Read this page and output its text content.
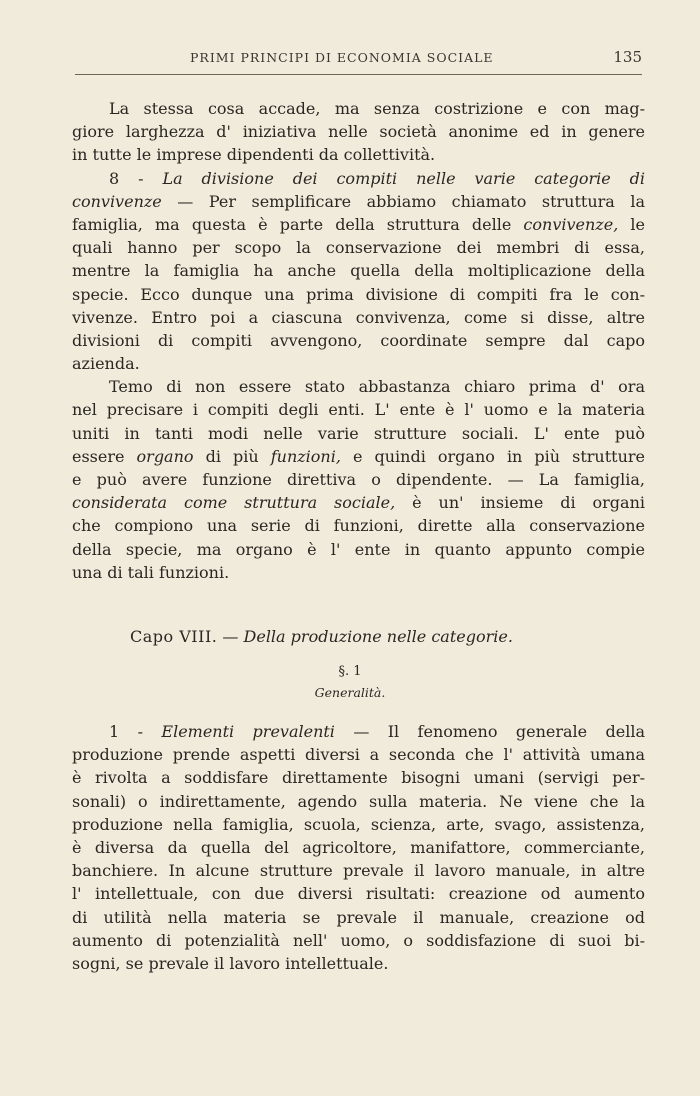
PRIMI PRINCIPI DI ECONOMIA SOCIALE	135
La stessa cosa accade, ma senza costrizione e con mag-
giore larghezza d' iniziativa nelle società anonime ed in genere
in tutte le imprese dipendenti da collettività.
8 - La divisione dei compiti nelle varie categorie di
convivenze — Per semplificare abbiamo chiamato struttura la
famiglia, ma questa è parte della struttura delle convivenze, le
quali hanno per scopo la conservazione dei membri di essa,
mentre la famiglia ha anche quella della moltiplicazione della
specie. Ecco dunque una prima divisione di compiti fra le con-
vivenze. Entro poi a ciascuna convivenza, come si disse, altre
divisioni di compiti avvengono, coordinate sempre dal capo
azienda.
Temo di non essere stato abbastanza chiaro prima d' ora
nel precisare i compiti degli enti. L' ente è l' uomo e la materia
uniti in tanti modi nelle varie strutture sociali. L' ente può
essere organo di più funzioni, e quindi organo in più strutture
e può avere funzione direttiva o dipendente. — La famiglia,
considerata come struttura sociale, è un' insieme di organi
che compiono una serie di funzioni, dirette alla conservazione
della specie, ma organo è l' ente in quanto appunto compie
una di tali funzioni.
Capo VIII. — Della produzione nelle categorie.
§. 1
Generalità.
1 - Elementi prevalenti — Il fenomeno generale della
produzione prende aspetti diversi a seconda che l' attività umana
è rivolta a soddisfare direttamente bisogni umani (servigi per-
sonali) o indirettamente, agendo sulla materia. Ne viene che la
produzione nella famiglia, scuola, scienza, arte, svago, assistenza,
è diversa da quella del agricoltore, manifattore, commerciante,
banchiere. In alcune strutture prevale il lavoro manuale, in altre
l' intellettuale, con due diversi risultati: creazione od aumento
di utilità nella materia se prevale il manuale, creazione od
aumento di potenzialità nell' uomo, o soddisfazione di suoi bi-
sogni, se prevale il lavoro intellettuale.
